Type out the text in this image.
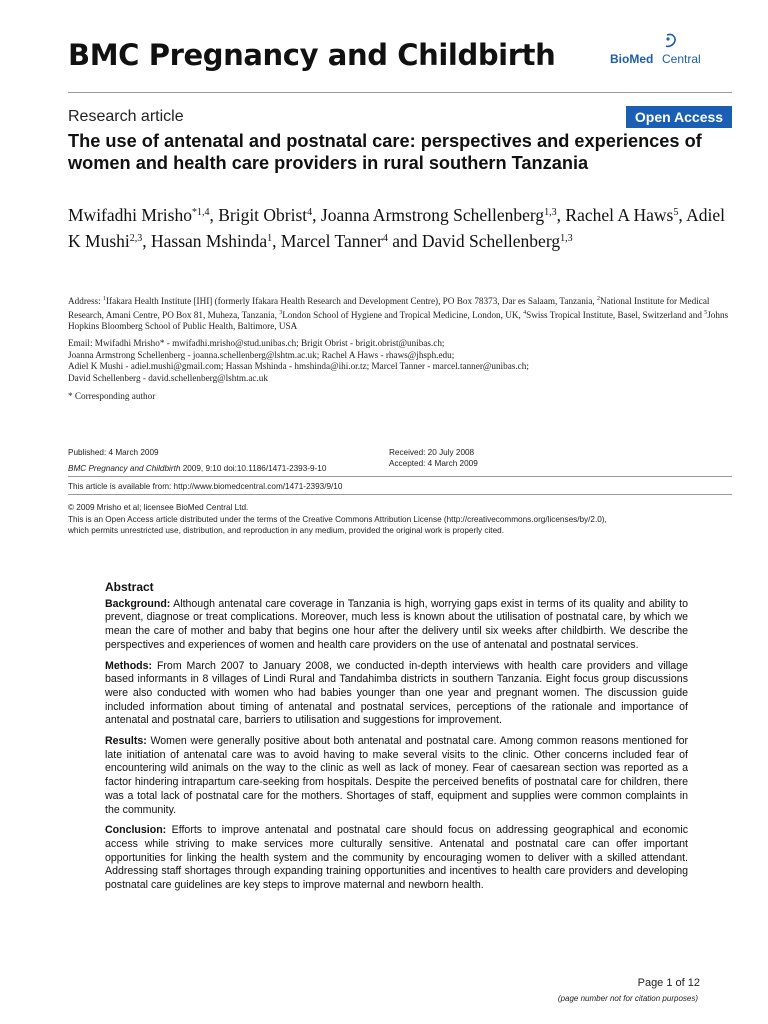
BMC Pregnancy and Childbirth	BioMed Central
Research article	Open Access
The use of antenatal and postnatal care: perspectives and experiences of women and health care providers in rural southern Tanzania
Mwifadhi Mrisho$^{*1,4}$, Brigit Obrist$^4$, Joanna Armstrong Schellenberg$^{1,3}$, Rachel A Haws$^5$, Adiel K Mushi$^{2,3}$, Hassan Mshinda$^1$, Marcel Tanner$^4$ and David Schellenberg$^{1,3}$
Address: $^1$Ifakara Health Institute [IHI] (formerly Ifakara Health Research and Development Centre), PO Box 78373, Dar es Salaam, Tanzania, $^2$National Institute for Medical Research, Amani Centre, PO Box 81, Muheza, Tanzania, $^3$London School of Hygiene and Tropical Medicine, London, UK, $^4$Swiss Tropical Institute, Basel, Switzerland and $^5$Johns Hopkins Bloomberg School of Public Health, Baltimore, USA
Email: Mwifadhi Mrisho* - mwifadhi.mrisho@stud.unibas.ch; Brigit Obrist - brigit.obrist@unibas.ch;
Joanna Armstrong Schellenberg - joanna.schellenberg@lshtm.ac.uk; Rachel A Haws - rhaws@jhsph.edu;
Adiel K Mushi - adiel.mushi@gmail.com; Hassan Mshinda - hmshinda@ihi.or.tz; Marcel Tanner - marcel.tanner@unibas.ch;
David Schellenberg - david.schellenberg@lshtm.ac.uk
* Corresponding author
Published: 4 March 2009	Received: 20 July 2008
Accepted: 4 March 2009
BMC Pregnancy and Childbirth 2009, 9:10 doi:10.1186/1471-2393-9-10
This article is available from: http://www.biomedcentral.com/1471-2393/9/10
© 2009 Mrisho et al; licensee BioMed Central Ltd.
This is an Open Access article distributed under the terms of the Creative Commons Attribution License (http://creativecommons.org/licenses/by/2.0),
which permits unrestricted use, distribution, and reproduction in any medium, provided the original work is properly cited.
Abstract

Background: Although antenatal care coverage in Tanzania is high, worrying gaps exist in terms of its quality and ability to prevent, diagnose or treat complications. Moreover, much less is known about the utilisation of postnatal care, by which we mean the care of mother and baby that begins one hour after the delivery until six weeks after childbirth. We describe the perspectives and experiences of women and health care providers on the use of antenatal and postnatal services.

Methods: From March 2007 to January 2008, we conducted in-depth interviews with health care providers and village based informants in 8 villages of Lindi Rural and Tandahimba districts in southern Tanzania. Eight focus group discussions were also conducted with women who had babies younger than one year and pregnant women. The discussion guide included information about timing of antenatal and postnatal services, perceptions of the rationale and importance of antenatal and postnatal care, barriers to utilisation and suggestions for improvement.

Results: Women were generally positive about both antenatal and postnatal care. Among common reasons mentioned for late initiation of antenatal care was to avoid having to make several visits to the clinic. Other concerns included fear of encountering wild animals on the way to the clinic as well as lack of money. Fear of caesarean section was reported as a factor hindering intrapartum care-seeking from hospitals. Despite the perceived benefits of postnatal care for children, there was a total lack of postnatal care for the mothers. Shortages of staff, equipment and supplies were common complaints in the community.

Conclusion: Efforts to improve antenatal and postnatal care should focus on addressing geographical and economic access while striving to make services more culturally sensitive. Antenatal and postnatal care can offer important opportunities for linking the health system and the community by encouraging women to deliver with a skilled attendant. Addressing staff shortages through expanding training opportunities and incentives to health care providers and developing postnatal care guidelines are key steps to improve maternal and newborn health.

Page 1 of 12
(page number not for citation purposes)
